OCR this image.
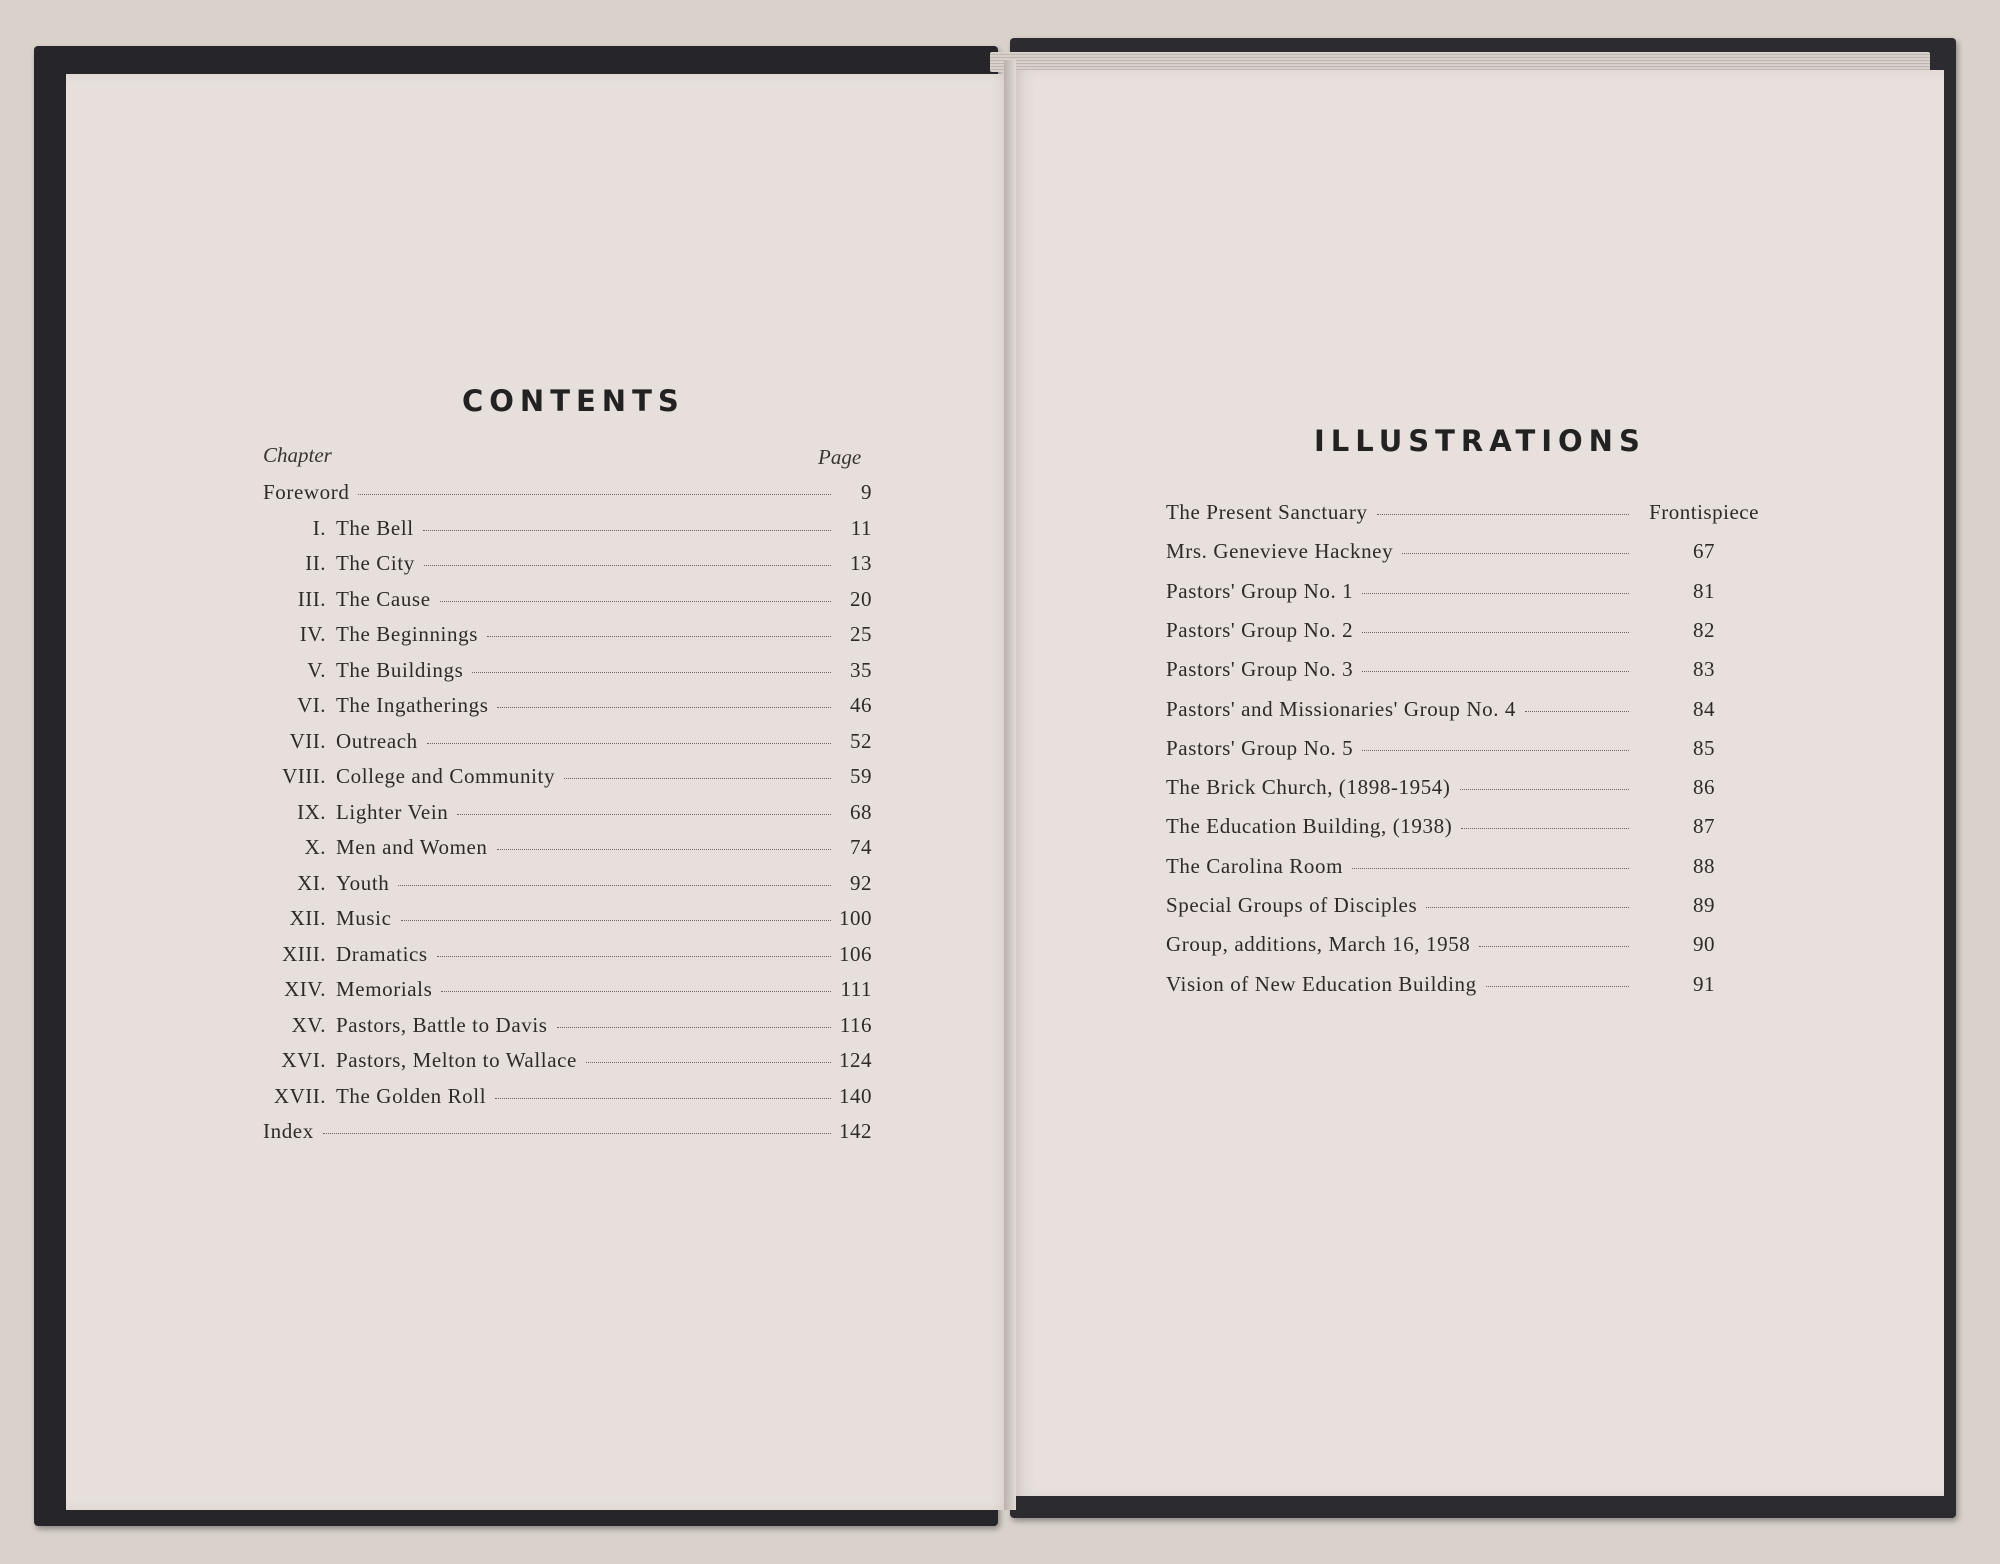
CONTENTS
Chapter	Page
Foreword	9
I. The Bell	11
II. The City	13
III. The Cause	20
IV. The Beginnings	25
V. The Buildings	35
VI. The Ingatherings	46
VII. Outreach	52
VIII. College and Community	59
IX. Lighter Vein	68
X. Men and Women	74
XI. Youth	92
XII. Music	100
XIII. Dramatics	106
XIV. Memorials	111
XV. Pastors, Battle to Davis	116
XVI. Pastors, Melton to Wallace	124
XVII. The Golden Roll	140
Index	142
ILLUSTRATIONS
The Present Sanctuary	Frontispiece
Mrs. Genevieve Hackney	67
Pastors' Group No. 1	81
Pastors' Group No. 2	82
Pastors' Group No. 3	83
Pastors' and Missionaries' Group No. 4	84
Pastors' Group No. 5	85
The Brick Church, (1898-1954)	86
The Education Building, (1938)	87
The Carolina Room	88
Special Groups of Disciples	89
Group, additions, March 16, 1958	90
Vision of New Education Building	91
